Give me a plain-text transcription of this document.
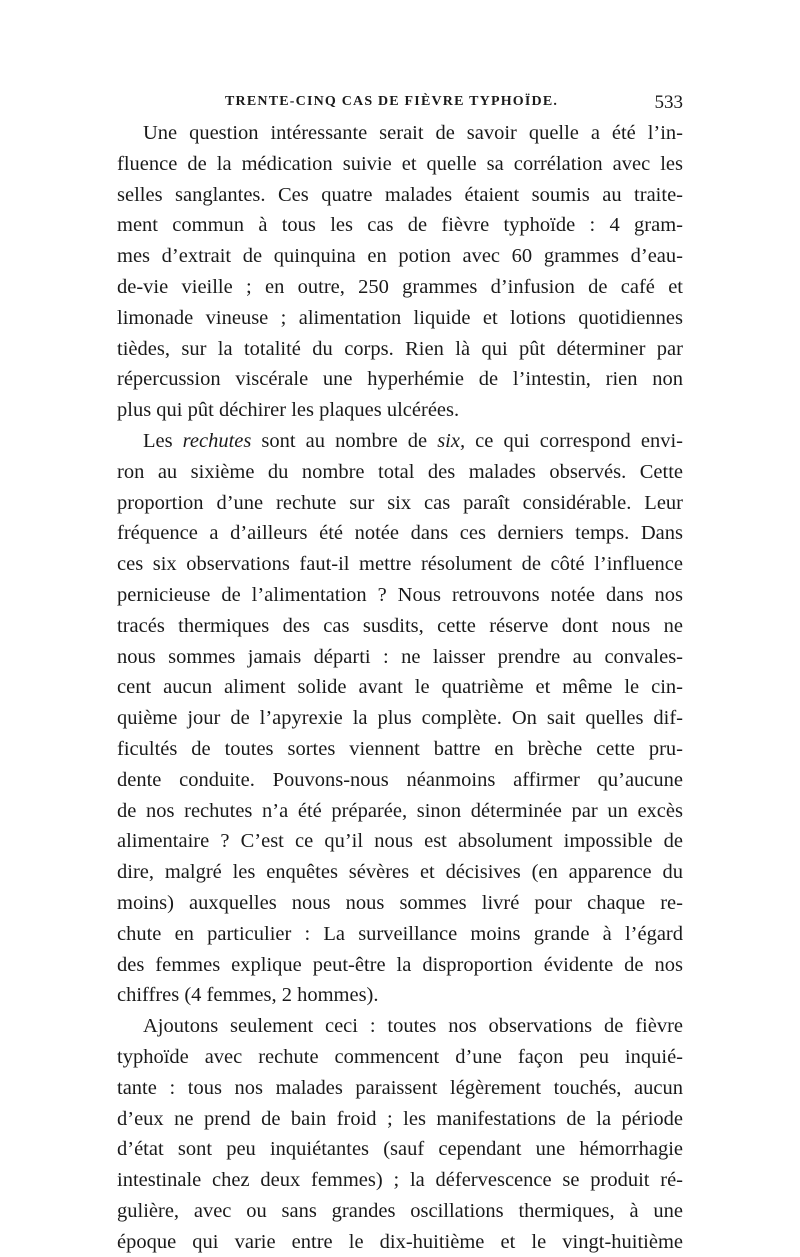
TRENTE-CINQ CAS DE FIÈVRE TYPHOÏDE.	533
Une question intéressante serait de savoir quelle a été l’in-
fluence de la médication suivie et quelle sa corrélation avec les
selles sanglantes. Ces quatre malades étaient soumis au traite-
ment commun à tous les cas de fièvre typhoïde : 4 gram-
mes d’extrait de quinquina en potion avec 60 grammes d’eau-
de-vie vieille ; en outre, 250 grammes d’infusion de café et
limonade vineuse ; alimentation liquide et lotions quotidiennes
tièdes, sur la totalité du corps. Rien là qui pût déterminer par
répercussion viscérale une hyperhémie de l’intestin, rien non
plus qui pût déchirer les plaques ulcérées.
Les rechutes sont au nombre de six, ce qui correspond envi-
ron au sixième du nombre total des malades observés. Cette
proportion d’une rechute sur six cas paraît considérable. Leur
fréquence a d’ailleurs été notée dans ces derniers temps. Dans
ces six observations faut-il mettre résolument de côté l’influence
pernicieuse de l’alimentation ? Nous retrouvons notée dans nos
tracés thermiques des cas susdits, cette réserve dont nous ne
nous sommes jamais départi : ne laisser prendre au convales-
cent aucun aliment solide avant le quatrième et même le cin-
quième jour de l’apyrexie la plus complète. On sait quelles dif-
ficultés de toutes sortes viennent battre en brèche cette pru-
dente conduite. Pouvons-nous néanmoins affirmer qu’aucune
de nos rechutes n’a été préparée, sinon déterminée par un excès
alimentaire ? C’est ce qu’il nous est absolument impossible de
dire, malgré les enquêtes sévères et décisives (en apparence du
moins) auxquelles nous nous sommes livré pour chaque re-
chute en particulier : La surveillance moins grande à l’égard
des femmes explique peut-être la disproportion évidente de nos
chiffres (4 femmes, 2 hommes).
Ajoutons seulement ceci : toutes nos observations de fièvre
typhoïde avec rechute commencent d’une façon peu inquié-
tante : tous nos malades paraissent légèrement touchés, aucun
d’eux ne prend de bain froid ; les manifestations de la période
d’état sont peu inquiétantes (sauf cependant une hémorrhagie
intestinale chez deux femmes) ; la défervescence se produit ré-
gulière, avec ou sans grandes oscillations thermiques, à une
époque qui varie entre le dix-huitième et le vingt-huitième
